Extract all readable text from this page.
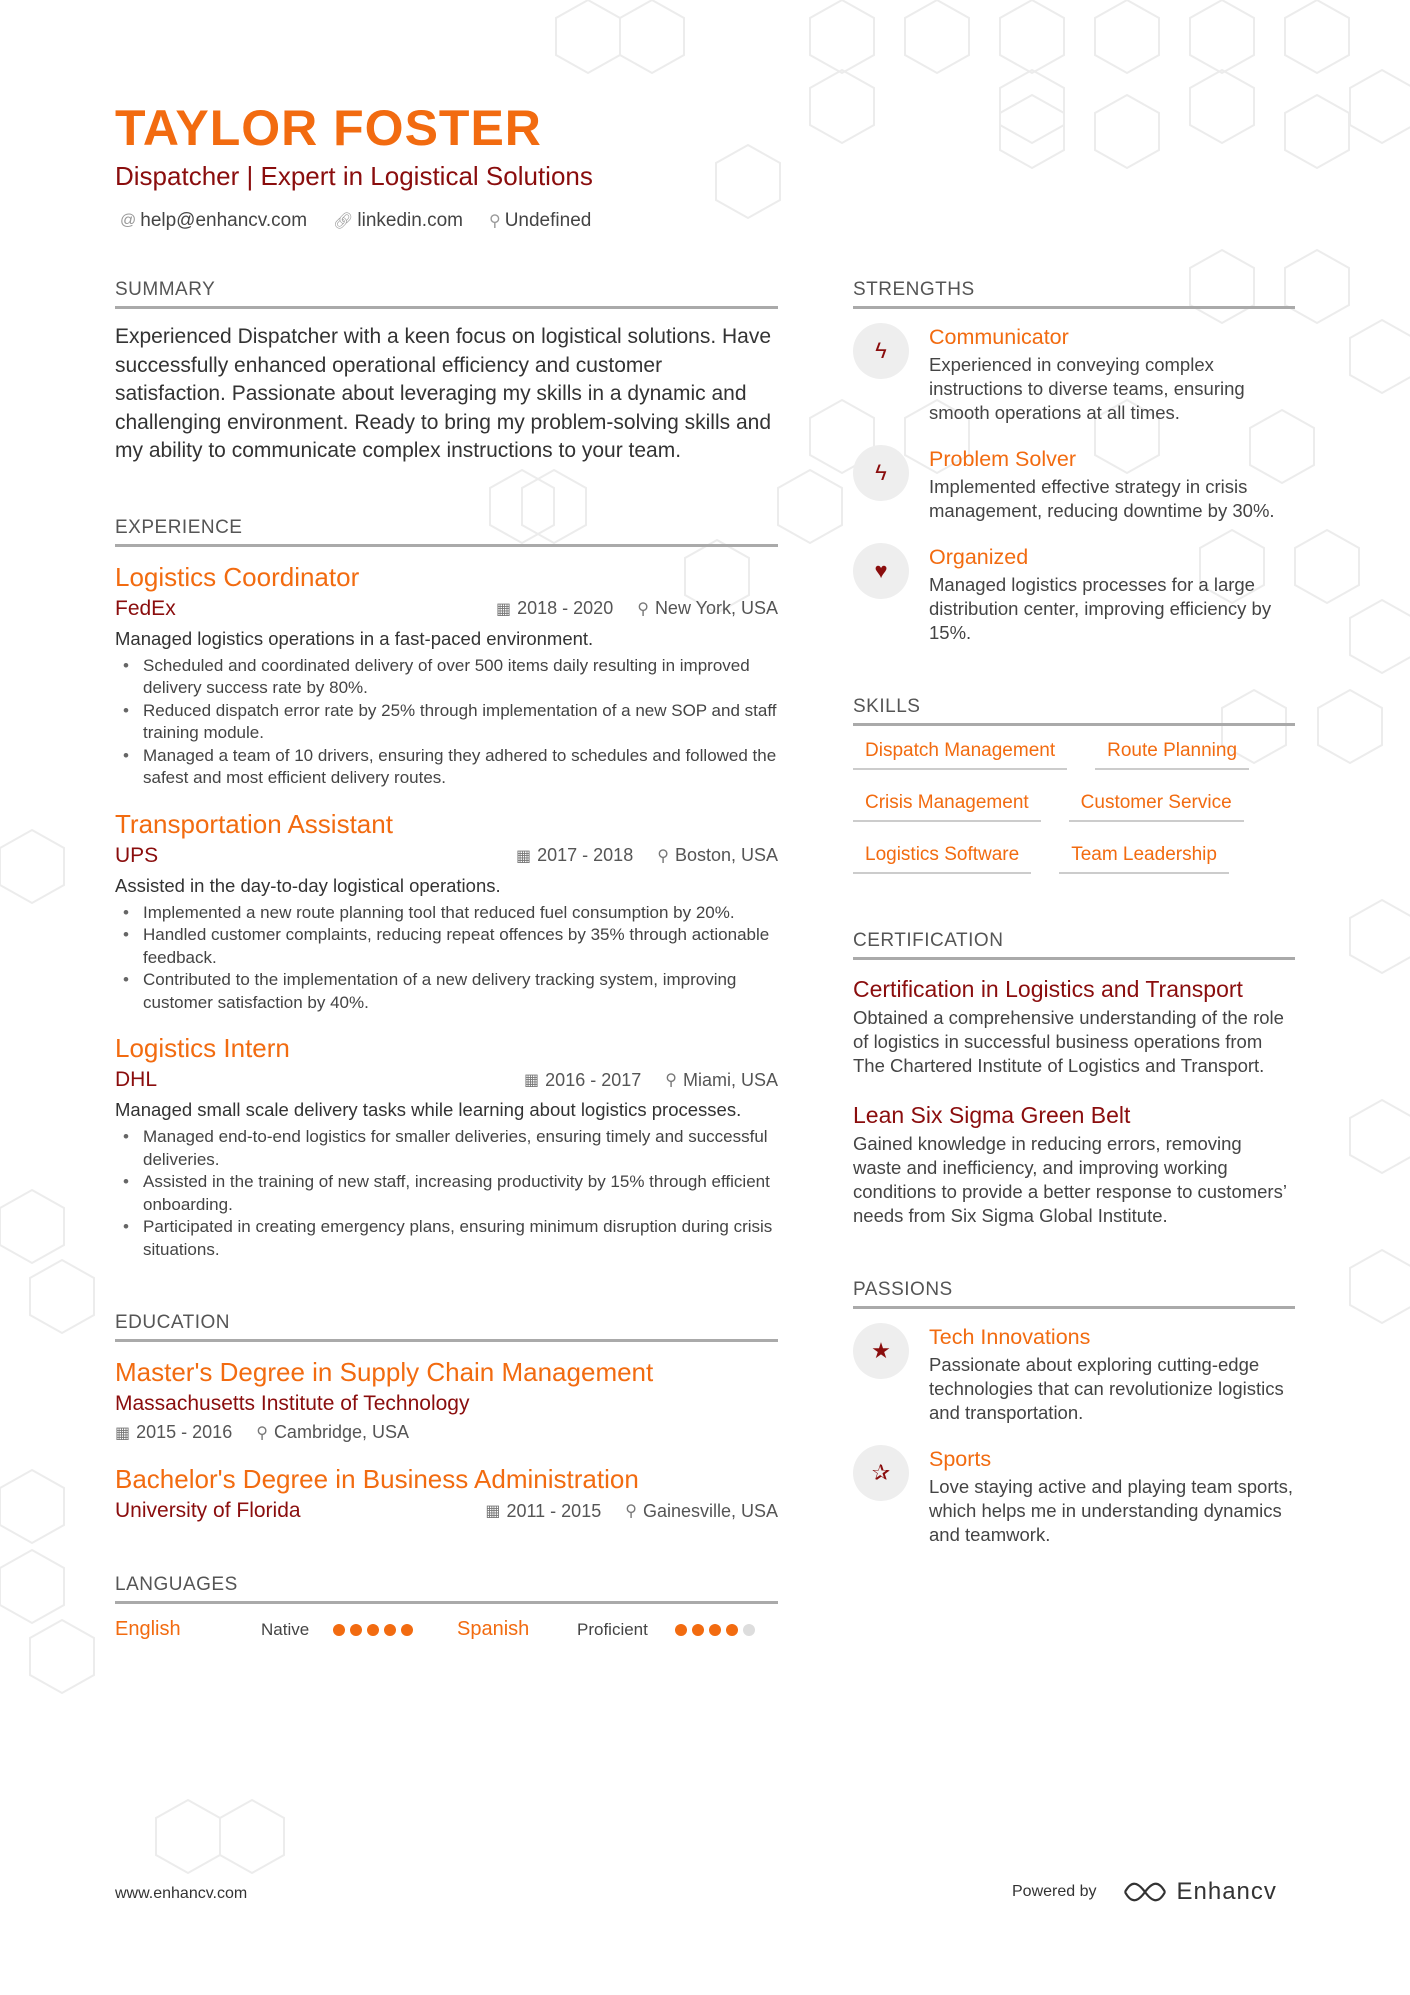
TAYLOR FOSTER
Dispatcher | Expert in Logistical Solutions
@ help@enhancv.com 🔗︎ linkedin.com ⚲ Undefined
SUMMARY
Experienced Dispatcher with a keen focus on logistical solutions. Have successfully enhanced operational efficiency and customer satisfaction. Passionate about leveraging my skills in a dynamic and challenging environment. Ready to bring my problem-solving skills and my ability to communicate complex instructions to your team.
EXPERIENCE
Logistics Coordinator
FedEx	▦ 2018 - 2020 ⚲ New York, USA
Managed logistics operations in a fast-paced environment.
• Scheduled and coordinated delivery of over 500 items daily resulting in improved delivery success rate by 80%.
• Reduced dispatch error rate by 25% through implementation of a new SOP and staff training module.
• Managed a team of 10 drivers, ensuring they adhered to schedules and followed the safest and most efficient delivery routes.
Transportation Assistant
UPS	▦ 2017 - 2018 ⚲ Boston, USA
Assisted in the day-to-day logistical operations.
• Implemented a new route planning tool that reduced fuel consumption by 20%.
• Handled customer complaints, reducing repeat offences by 35% through actionable feedback.
• Contributed to the implementation of a new delivery tracking system, improving customer satisfaction by 40%.
Logistics Intern
DHL	▦ 2016 - 2017 ⚲ Miami, USA
Managed small scale delivery tasks while learning about logistics processes.
• Managed end-to-end logistics for smaller deliveries, ensuring timely and successful deliveries.
• Assisted in the training of new staff, increasing productivity by 15% through efficient onboarding.
• Participated in creating emergency plans, ensuring minimum disruption during crisis situations.
EDUCATION
Master's Degree in Supply Chain Management
Massachusetts Institute of Technology
▦ 2015 - 2016 ⚲ Cambridge, USA
Bachelor's Degree in Business Administration
University of Florida	▦ 2011 - 2015 ⚲ Gainesville, USA
LANGUAGES
English	Native	Spanish	Proficient
STRENGTHS
ϟ
Communicator
Experienced in conveying complex instructions to diverse teams, ensuring smooth operations at all times.
ϟ
Problem Solver
Implemented effective strategy in crisis management, reducing downtime by 30%.
♥
Organized
Managed logistics processes for a large distribution center, improving efficiency by 15%.
SKILLS
Dispatch Management	Route Planning
Crisis Management	Customer Service
Logistics Software	Team Leadership
CERTIFICATION
Certification in Logistics and Transport
Obtained a comprehensive understanding of the role of logistics in successful business operations from The Chartered Institute of Logistics and Transport.
Lean Six Sigma Green Belt
Gained knowledge in reducing errors, removing waste and inefficiency, and improving working conditions to provide a better response to customers’ needs from Six Sigma Global Institute.
PASSIONS
★
Tech Innovations
Passionate about exploring cutting-edge technologies that can revolutionize logistics and transportation.
✰
Sports
Love staying active and playing team sports, which helps me in understanding dynamics and teamwork.
www.enhancv.com	Powered by	Enhancv
